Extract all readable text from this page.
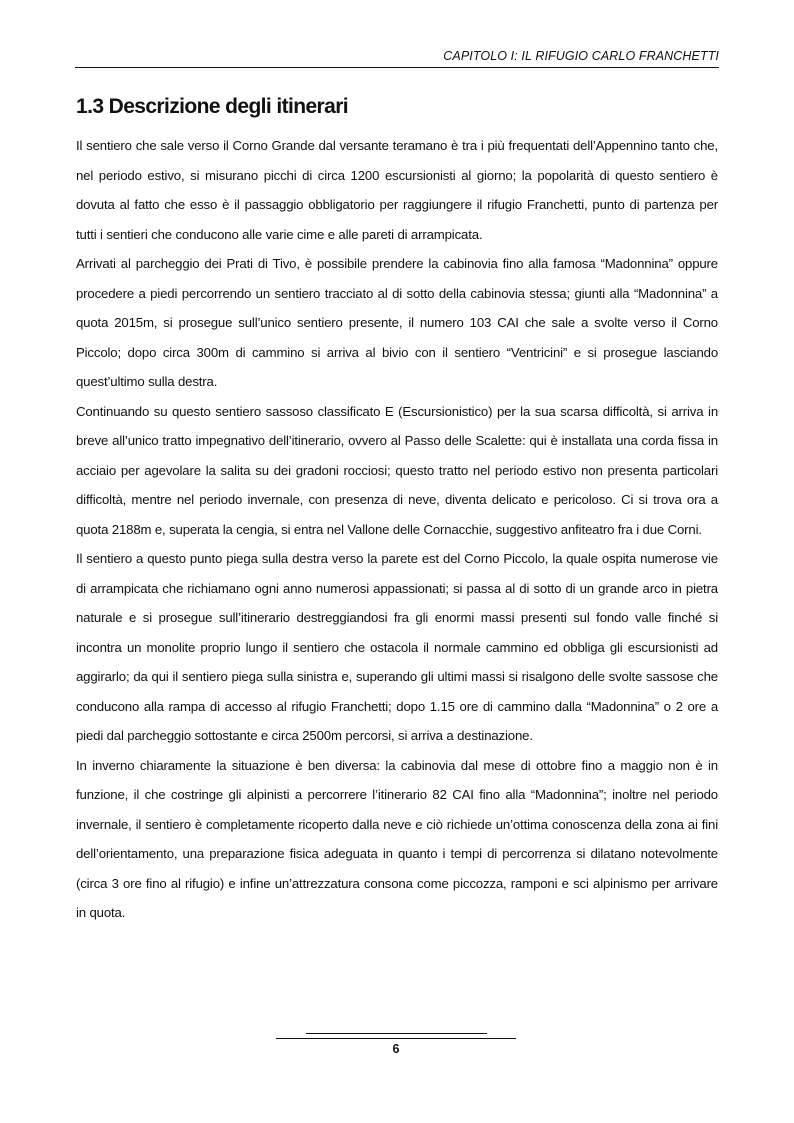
CAPITOLO I: IL RIFUGIO CARLO FRANCHETTI
1.3 Descrizione degli itinerari

Il sentiero che sale verso il Corno Grande dal versante teramano è tra i più frequentati dell’Appennino tanto che, nel periodo estivo, si misurano picchi di circa 1200 escursionisti al giorno; la popolarità di questo sentiero è dovuta al fatto che esso è il passaggio obbligatorio per raggiungere il rifugio Franchetti, punto di partenza per tutti i sentieri che conducono alle varie cime e alle pareti di arrampicata.

Arrivati al parcheggio dei Prati di Tivo, è possibile prendere la cabinovia fino alla famosa “Madonnina” oppure procedere a piedi percorrendo un sentiero tracciato al di sotto della cabinovia stessa; giunti alla “Madonnina” a quota 2015m, si prosegue sull’unico sentiero presente, il numero 103 CAI che sale a svolte verso il Corno Piccolo; dopo circa 300m di cammino si arriva al bivio con il sentiero “Ventricini” e si prosegue lasciando quest’ultimo sulla destra.

Continuando su questo sentiero sassoso classificato E (Escursionistico) per la sua scarsa difficoltà, si arriva in breve all’unico tratto impegnativo dell’itinerario, ovvero al Passo delle Scalette: qui è installata una corda fissa in acciaio per agevolare la salita su dei gradoni rocciosi; questo tratto nel periodo estivo non presenta particolari difficoltà, mentre nel periodo invernale, con presenza di neve, diventa delicato e pericoloso. Ci si trova ora a quota 2188m e, superata la cengia, si entra nel Vallone delle Cornacchie, suggestivo anfiteatro fra i due Corni.

Il sentiero a questo punto piega sulla destra verso la parete est del Corno Piccolo, la quale ospita numerose vie di arrampicata che richiamano ogni anno numerosi appassionati; si passa al di sotto di un grande arco in pietra naturale e si prosegue sull’itinerario destreggiandosi fra gli enormi massi presenti sul fondo valle finché si incontra un monolite proprio lungo il sentiero che ostacola il normale cammino ed obbliga gli escursionisti ad aggirarlo; da qui il sentiero piega sulla sinistra e, superando gli ultimi massi si risalgono delle svolte sassose che conducono alla rampa di accesso al rifugio Franchetti; dopo 1.15 ore di cammino dalla “Madonnina” o 2 ore a piedi dal parcheggio sottostante e circa 2500m percorsi, si arriva a destinazione.

In inverno chiaramente la situazione è ben diversa: la cabinovia dal mese di ottobre fino a maggio non è in funzione, il che costringe gli alpinisti a percorrere l’itinerario 82 CAI fino alla “Madonnina”; inoltre nel periodo invernale, il sentiero è completamente ricoperto dalla neve e ciò richiede un’ottima conoscenza della zona ai fini dell’orientamento, una preparazione fisica adeguata in quanto i tempi di percorrenza si dilatano notevolmente (circa 3 ore fino al rifugio) e infine un’attrezzatura consona come piccozza, ramponi e sci alpinismo per arrivare in quota.

6
